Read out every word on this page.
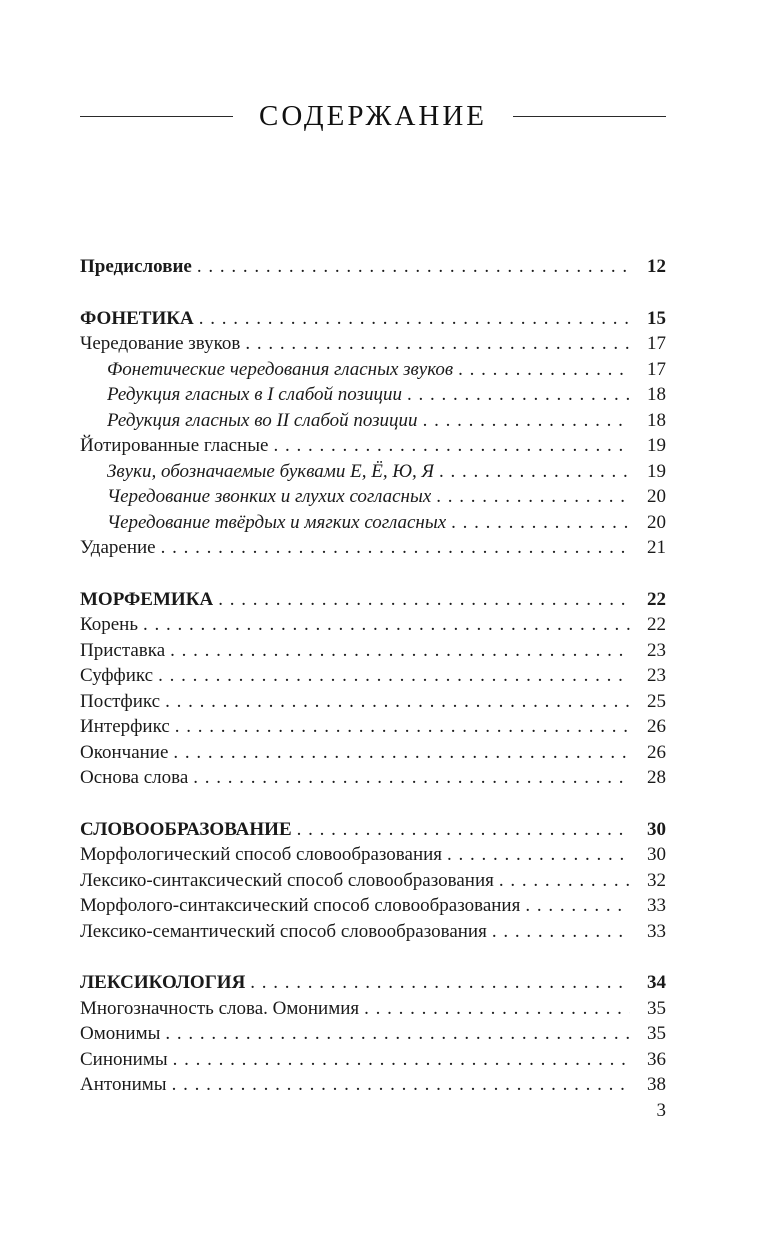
СОДЕРЖАНИЕ
Предисловие . . .	12
ФОНЕТИКА . . .	15
Чередование звуков . . .	17
Фонетические чередования гласных звуков . . .	17
Редукция гласных в I слабой позиции . . .	18
Редукция гласных во II слабой позиции . . .	18
Йотированные гласные . . .	19
Звуки, обозначаемые буквами Е, Ё, Ю, Я . . .	19
Чередование звонких и глухих согласных . . .	20
Чередование твёрдых и мягких согласных . . .	20
Ударение . . .	21
МОРФЕМИКА . . .	22
Корень . . .	22
Приставка . . .	23
Суффикс . . .	23
Постфикс . . .	25
Интерфикс . . .	26
Окончание . . .	26
Основа слова . . .	28
СЛОВООБРАЗОВАНИЕ . . .	30
Морфологический способ словообразования . . .	30
Лексико-синтаксический способ словообразования . . .	32
Морфолого-синтаксический способ словообразования . . .	33
Лексико-семантический способ словообразования . . .	33
ЛЕКСИКОЛОГИЯ . . .	34
Многозначность слова. Омонимия . . .	35
Омонимы . . .	35
Синонимы . . .	36
Антонимы . . .	38
3
